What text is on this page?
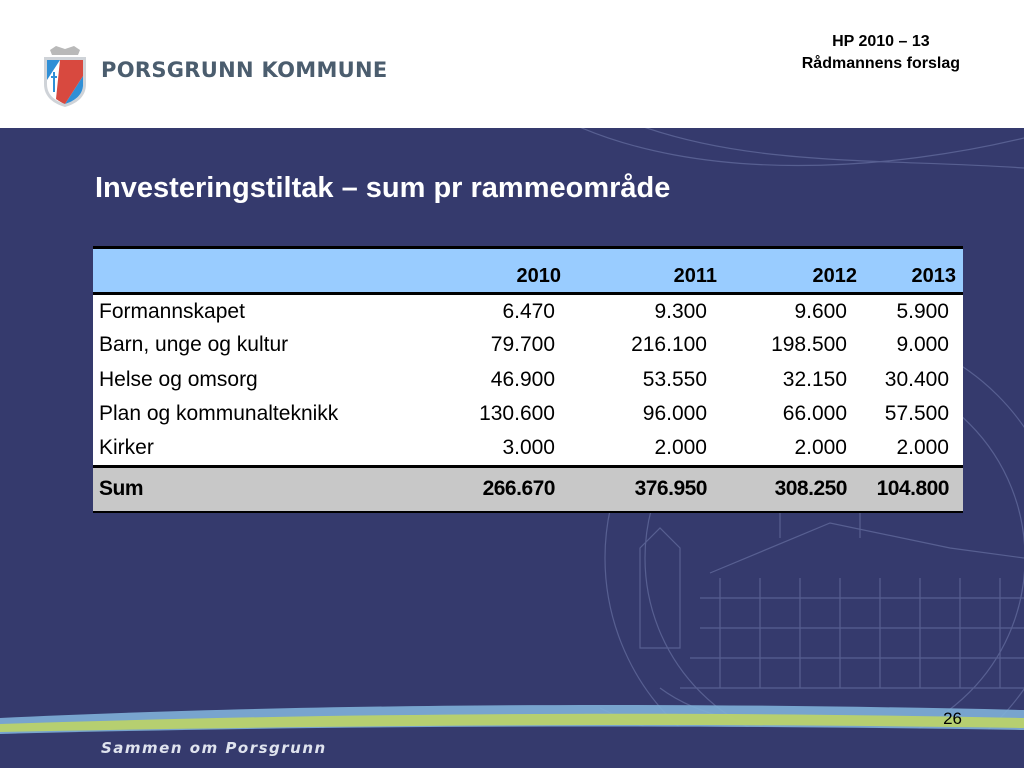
PORSGRUNN KOMMUNE
HP 2010 – 13
Rådmannens forslag
Investeringstiltak – sum pr rammeområde
	2010	2011	2012	2013
Formannskapet	6.470	9.300	9.600	5.900
Barn, unge og kultur	79.700	216.100	198.500	9.000
Helse og omsorg	46.900	53.550	32.150	30.400
Plan og kommunalteknikk	130.600	96.000	66.000	57.500
Kirker	3.000	2.000	2.000	2.000
Sum	266.670	376.950	308.250	104.800
26
Sammen om Porsgrunn
